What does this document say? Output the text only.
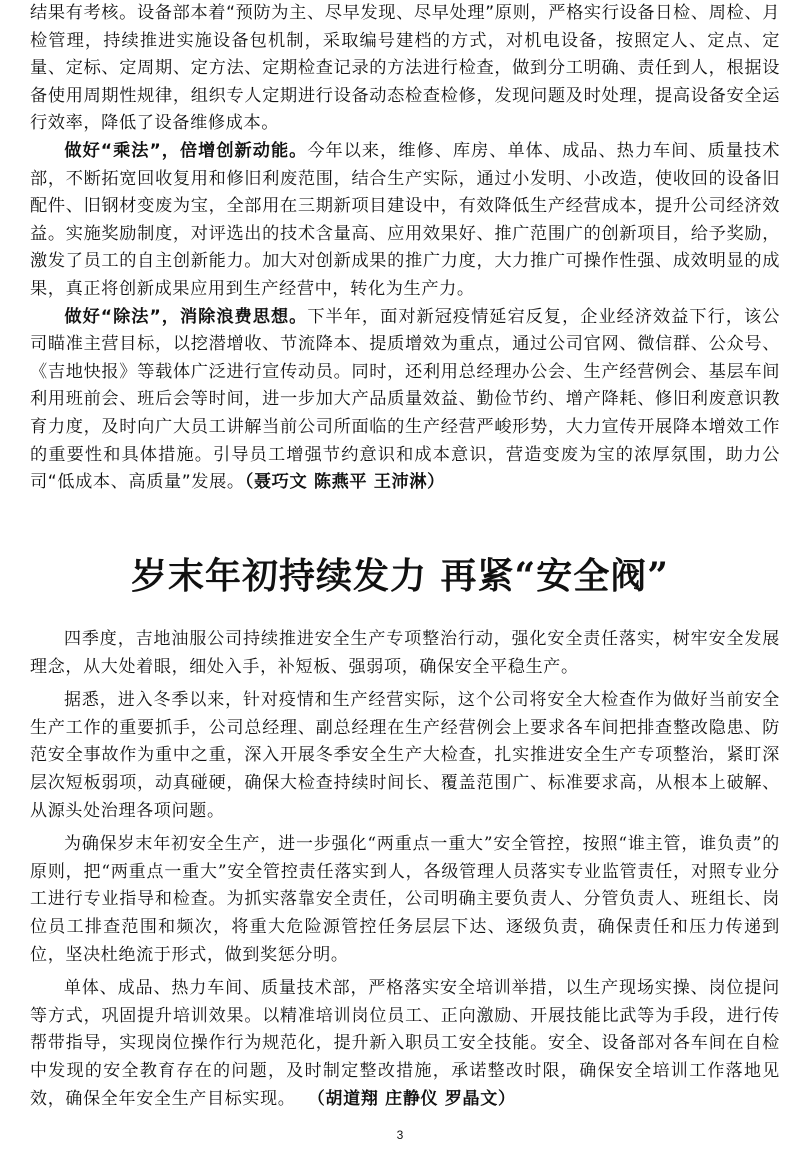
结果有考核。设备部本着“预防为主、尽早发现、尽早处理”原则，严格实行设备日检、周检、月检管理，持续推进实施设备包机制，采取编号建档的方式，对机电设备，按照定人、定点、定量、定标、定周期、定方法、定期检查记录的方法进行检查，做到分工明确、责任到人，根据设备使用周期性规律，组织专人定期进行设备动态检查检修，发现问题及时处理，提高设备安全运行效率，降低了设备维修成本。

做好“乘法”，倍增创新动能。今年以来，维修、库房、单体、成品、热力车间、质量技术部，不断拓宽回收复用和修旧利废范围，结合生产实际，通过小发明、小改造，使收回的设备旧配件、旧钢材变废为宝，全部用在三期新项目建设中，有效降低生产经营成本，提升公司经济效益。实施奖励制度，对评选出的技术含量高、应用效果好、推广范围广的创新项目，给予奖励，激发了员工的自主创新能力。加大对创新成果的推广力度，大力推广可操作性强、成效明显的成果，真正将创新成果应用到生产经营中，转化为生产力。

做好“除法”，消除浪费思想。下半年，面对新冠疫情延宕反复，企业经济效益下行，该公司瞄准主营目标，以挖潜增收、节流降本、提质增效为重点，通过公司官网、微信群、公众号、《吉地快报》等载体广泛进行宣传动员。同时，还利用总经理办公会、生产经营例会、基层车间利用班前会、班后会等时间，进一步加大产品质量效益、勤俭节约、增产降耗、修旧利废意识教育力度，及时向广大员工讲解当前公司所面临的生产经营严峻形势，大力宣传开展降本增效工作的重要性和具体措施。引导员工增强节约意识和成本意识，营造变废为宝的浓厚氛围，助力公司“低成本、高质量”发展。（聂巧文 陈燕平 王沛淋）

岁末年初持续发力 再紧“安全阀”

四季度，吉地油服公司持续推进安全生产专项整治行动，强化安全责任落实，树牢安全发展理念，从大处着眼，细处入手，补短板、强弱项，确保安全平稳生产。

据悉，进入冬季以来，针对疫情和生产经营实际，这个公司将安全大检查作为做好当前安全生产工作的重要抓手，公司总经理、副总经理在生产经营例会上要求各车间把排查整改隐患、防范安全事故作为重中之重，深入开展冬季安全生产大检查，扎实推进安全生产专项整治，紧盯深层次短板弱项，动真碰硬，确保大检查持续时间长、覆盖范围广、标准要求高，从根本上破解、从源头处治理各项问题。

为确保岁末年初安全生产，进一步强化“两重点一重大”安全管控，按照“谁主管，谁负责”的原则，把“两重点一重大”安全管控责任落实到人，各级管理人员落实专业监管责任，对照专业分工进行专业指导和检查。为抓实落靠安全责任，公司明确主要负责人、分管负责人、班组长、岗位员工排查范围和频次，将重大危险源管控任务层层下达、逐级负责，确保责任和压力传递到位，坚决杜绝流于形式，做到奖惩分明。

单体、成品、热力车间、质量技术部，严格落实安全培训举措，以生产现场实操、岗位提问等方式，巩固提升培训效果。以精准培训岗位员工、正向激励、开展技能比武等为手段，进行传帮带指导，实现岗位操作行为规范化，提升新入职员工安全技能。安全、设备部对各车间在自检中发现的安全教育存在的问题，及时制定整改措施，承诺整改时限，确保安全培训工作落地见效，确保全年安全生产目标实现。 （胡道翔 庄静仪 罗晶文）

3
